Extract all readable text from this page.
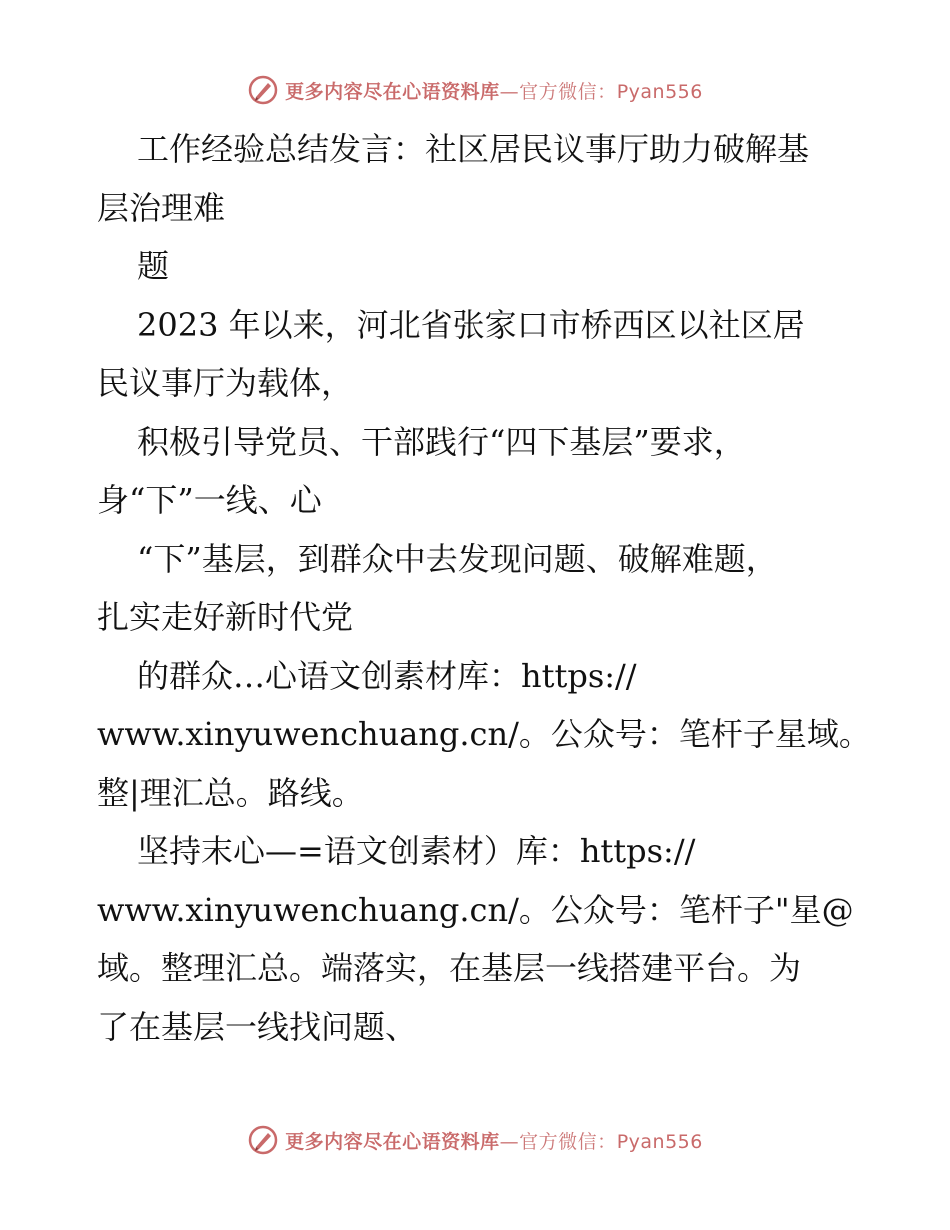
更多内容尽在心语资料库—官方微信：Pyan556
工作经验总结发言：社区居民议事厅助力破解基
层治理难
题
2023 年以来，河北省张家口市桥西区以社区居
民议事厅为载体，
积极引导党员、干部践行“四下基层”要求，
身“下”一线、心
“下”基层，到群众中去发现问题、破解难题，
扎实走好新时代党
的群众…心语文创素材库：https://
www.xinyuwenchuang.cn/。公众号：笔杆子星域。
整|理汇总。路线。
坚持末心—=语文创素材）库：https://
www.xinyuwenchuang.cn/。公众号：笔杆子"星@
域。整理汇总。端落实，在基层一线搭建平台。为
了在基层一线找问题、
更多内容尽在心语资料库—官方微信：Pyan556
